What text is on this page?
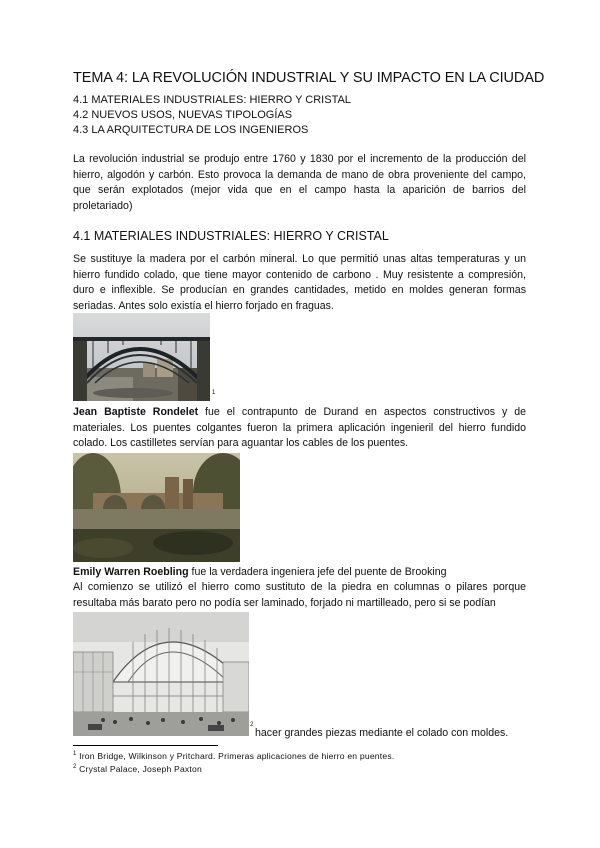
TEMA 4: LA REVOLUCIÓN INDUSTRIAL Y SU IMPACTO EN LA CIUDAD
4.1 MATERIALES INDUSTRIALES: HIERRO Y CRISTAL
4.2 NUEVOS USOS, NUEVAS TIPOLOGÍAS
4.3 LA ARQUITECTURA DE LOS INGENIEROS
La revolución industrial se produjo entre 1760 y 1830 por el incremento de la producción del hierro, algodón y carbón. Esto provoca la demanda de mano de obra proveniente del campo, que serán explotados (mejor vida que en el campo hasta la aparición de barrios del proletariado)
4.1 MATERIALES INDUSTRIALES: HIERRO Y CRISTAL
Se sustituye la madera por el carbón mineral. Lo que permitió unas altas temperaturas y un hierro fundido colado, que tiene mayor contenido de carbono . Muy resistente a compresión, duro e inflexible. Se producían en grandes cantidades, metido en moldes generan formas seriadas. Antes solo existía el hierro forjado en fraguas.
1
Jean Baptiste Rondelet fue el contrapunto de Durand en aspectos constructivos y de materiales. Los puentes colgantes fueron la primera aplicación ingenieril del hierro fundido colado. Los castilletes servían para aguantar los cables de los puentes.
Emily Warren Roebling fue la verdadera ingeniera jefe del puente de Brooking
Al comienzo se utilizó el hierro como sustituto de la piedra en columnas o pilares porque resultaba más barato pero no podía ser laminado, forjado ni martilleado, pero si se podían
2
hacer grandes piezas mediante el colado con moldes.
$^1$ Iron Bridge, Wilkinson y Pritchard. Primeras aplicaciones de hierro en puentes.
$^2$ Crystal Palace, Joseph Paxton
